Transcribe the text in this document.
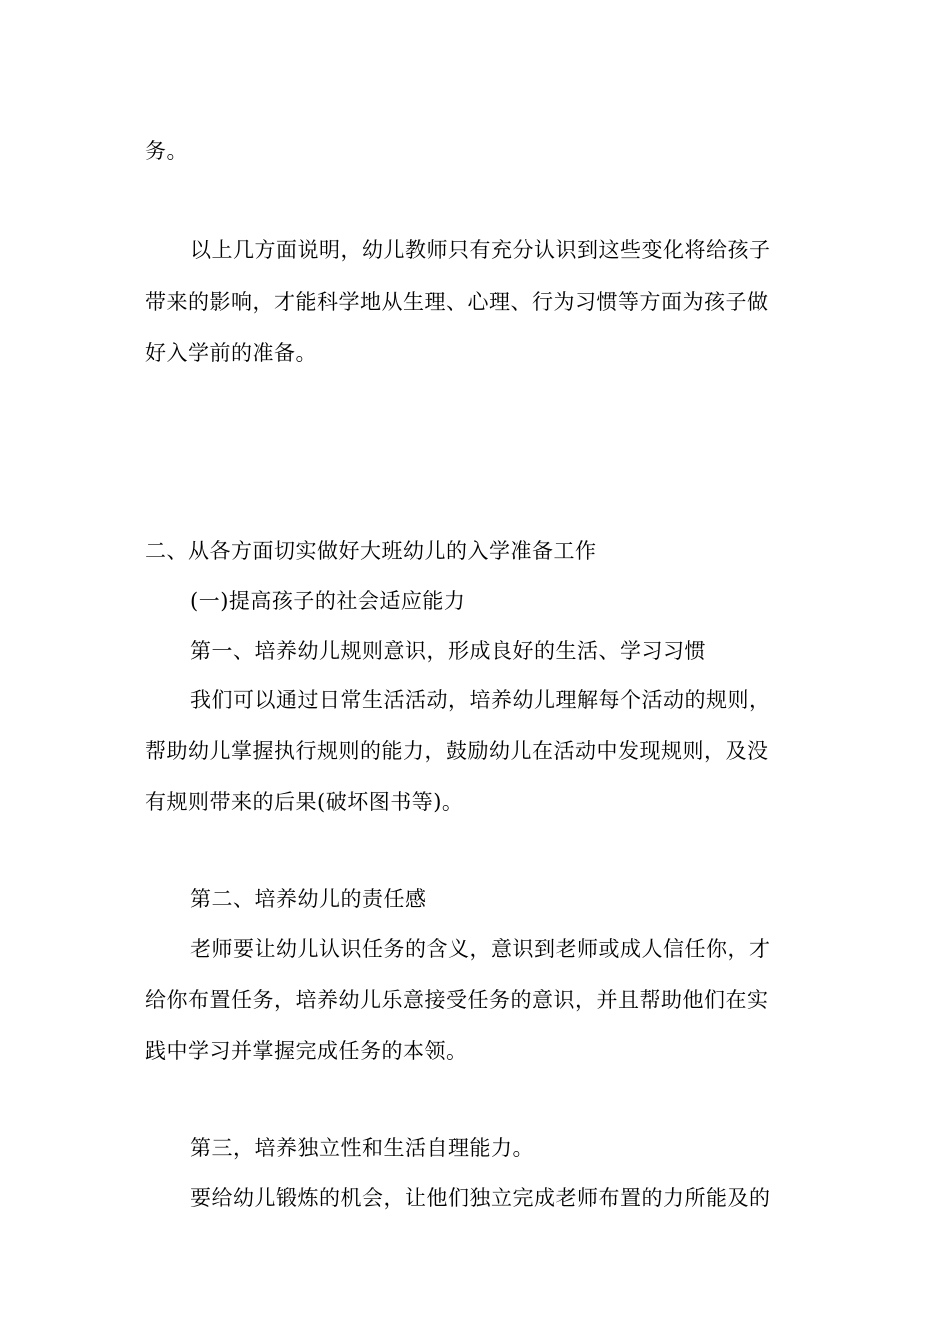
务。
以上几方面说明，幼儿教师只有充分认识到这些变化将给孩子
带来的影响，才能科学地从生理、心理、行为习惯等方面为孩子做
好入学前的准备。
二、从各方面切实做好大班幼儿的入学准备工作
(一)提高孩子的社会适应能力
第一、培养幼儿规则意识，形成良好的生活、学习习惯
我们可以通过日常生活活动，培养幼儿理解每个活动的规则，
帮助幼儿掌握执行规则的能力，鼓励幼儿在活动中发现规则，及没
有规则带来的后果(破坏图书等)。
第二、培养幼儿的责任感
老师要让幼儿认识任务的含义，意识到老师或成人信任你，才
给你布置任务，培养幼儿乐意接受任务的意识，并且帮助他们在实
践中学习并掌握完成任务的本领。
第三，培养独立性和生活自理能力。
要给幼儿锻炼的机会，让他们独立完成老师布置的力所能及的
